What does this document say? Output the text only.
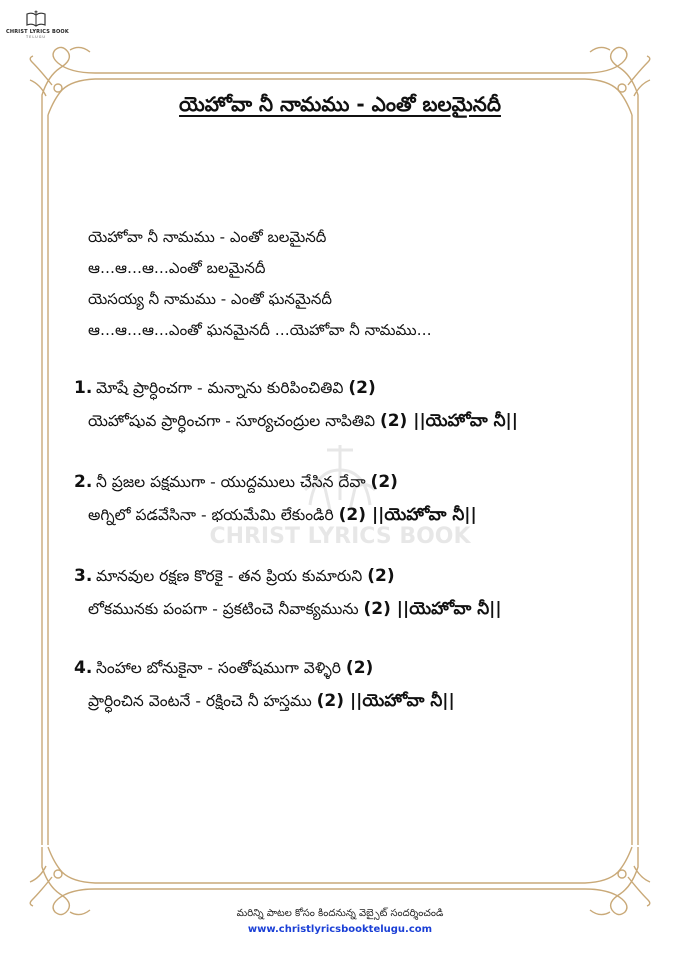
CHRIST LYRICS BOOK
TELUGU
CHRIST LYRICS BOOK
యెహోవా నీ నామము - ఎంతో బలమైనదీ
యెహోవా నీ నామము - ఎంతో బలమైనదీ
ఆ…ఆ…ఆ…ఎంతో బలమైనదీ
యెసయ్య నీ నామము - ఎంతో ఘనమైనదీ
ఆ…ఆ…ఆ…ఎంతో ఘనమైనదీ …యెహోవా నీ నామము…
1. మోషే ప్రార్ధించగా - మన్నాను కురిపించితివి (2)
యెహోషువ ప్రార్ధించగా - సూర్యచంద్రుల నాపితివి (2) ||యెహోవా నీ||
2. నీ ప్రజల పక్షముగా - యుద్దములు చేసిన దేవా (2)
అగ్నిలో పడవేసినా - భయమేమి లేకుండిరి (2) ||యెహోవా నీ||
3. మానవుల రక్షణ కొరకై - తన ప్రియ కుమారుని (2)
లోకమునకు పంపగా - ప్రకటించె నీవాక్యమును (2) ||యెహోవా నీ||
4. సింహాల బోనుకైనా - సంతోషముగా వెళ్ళిరి (2)
ప్రార్ధించిన వెంటనే - రక్షించె నీ హస్తము (2) ||యెహోవా నీ||
మరిన్ని పాటల కోసం కిందనున్న వెబ్సైట్ సందర్శించండి
www.christlyricsbooktelugu.com
